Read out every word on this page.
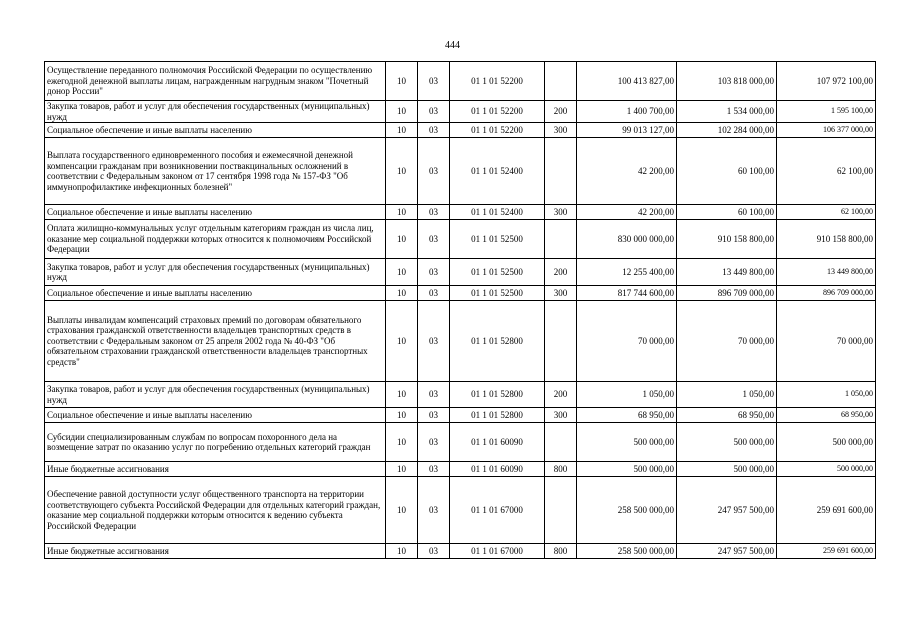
444
Осуществление переданного полномочия Российской Федерации по осуществлению ежегодной денежной выплаты лицам, награжденным нагрудным знаком "Почетный донор России"	10	03	01 1 01 52200		100 413 827,00	103 818 000,00	107 972 100,00
Закупка товаров, работ и услуг для обеспечения государственных (муниципальных) нужд	10	03	01 1 01 52200	200	1 400 700,00	1 534 000,00	1 595 100,00
Социальное обеспечение и иные выплаты населению	10	03	01 1 01 52200	300	99 013 127,00	102 284 000,00	106 377 000,00
Выплата государственного единовременного пособия и ежемесячной денежной компенсации гражданам при возникновении поствакцинальных осложнений в соответствии с Федеральным законом от 17 сентября 1998 года № 157-ФЗ "Об иммунопрофилактике инфекционных болезней"	10	03	01 1 01 52400		42 200,00	60 100,00	62 100,00
Социальное обеспечение и иные выплаты населению	10	03	01 1 01 52400	300	42 200,00	60 100,00	62 100,00
Оплата жилищно-коммунальных услуг отдельным категориям граждан из числа лиц, оказание мер социальной поддержки которых относится к полномочиям Российской Федерации	10	03	01 1 01 52500		830 000 000,00	910 158 800,00	910 158 800,00
Закупка товаров, работ и услуг для обеспечения государственных (муниципальных) нужд	10	03	01 1 01 52500	200	12 255 400,00	13 449 800,00	13 449 800,00
Социальное обеспечение и иные выплаты населению	10	03	01 1 01 52500	300	817 744 600,00	896 709 000,00	896 709 000,00
Выплаты инвалидам компенсаций страховых премий по договорам обязательного страхования гражданской ответственности владельцев транспортных средств в соответствии с Федеральным законом от 25 апреля 2002 года № 40-ФЗ "Об обязательном страховании гражданской ответственности владельцев транспортных средств"	10	03	01 1 01 52800		70 000,00	70 000,00	70 000,00
Закупка товаров, работ и услуг для обеспечения государственных (муниципальных) нужд	10	03	01 1 01 52800	200	1 050,00	1 050,00	1 050,00
Социальное обеспечение и иные выплаты населению	10	03	01 1 01 52800	300	68 950,00	68 950,00	68 950,00
Субсидии специализированным службам по вопросам похоронного дела на возмещение затрат по оказанию услуг по погребению отдельных категорий граждан	10	03	01 1 01 60090		500 000,00	500 000,00	500 000,00
Иные бюджетные ассигнования	10	03	01 1 01 60090	800	500 000,00	500 000,00	500 000,00
Обеспечение равной доступности услуг общественного транспорта на территории соответствующего субъекта Российской Федерации для отдельных категорий граждан, оказание мер социальной поддержки которым относится к ведению субъекта Российской Федерации	10	03	01 1 01 67000		258 500 000,00	247 957 500,00	259 691 600,00
Иные бюджетные ассигнования	10	03	01 1 01 67000	800	258 500 000,00	247 957 500,00	259 691 600,00
